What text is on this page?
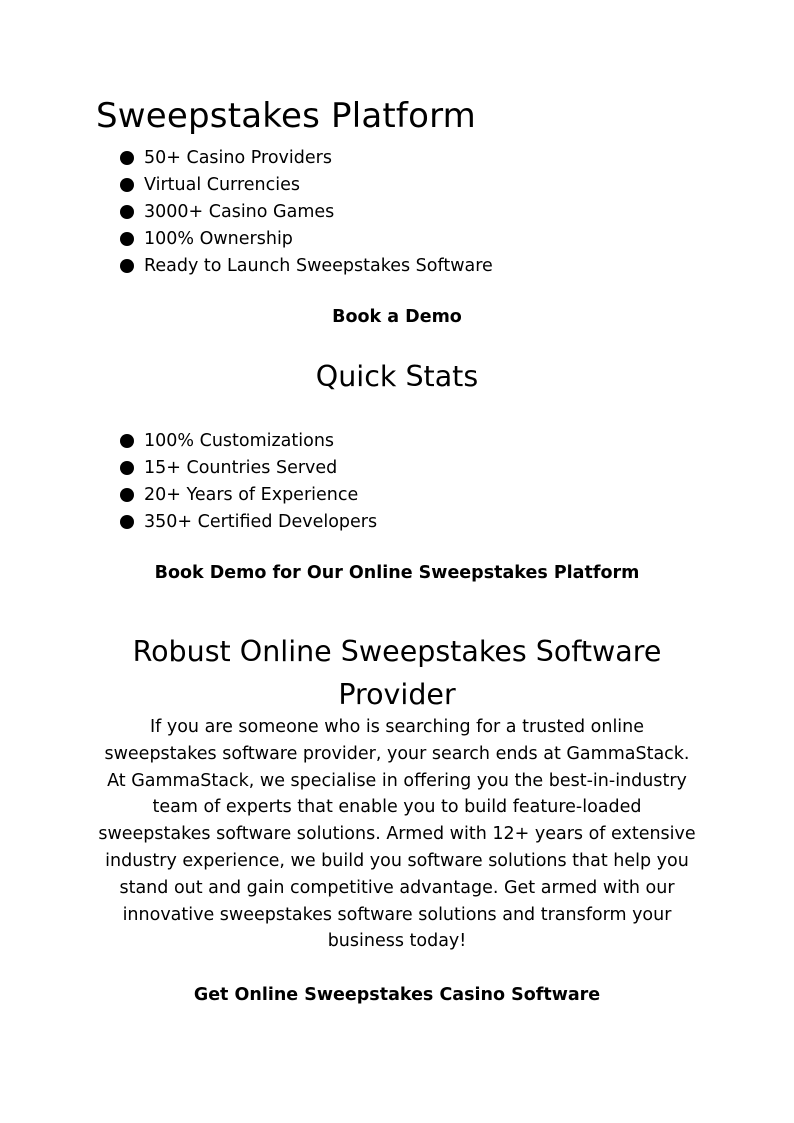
Sweepstakes Platform
50+ Casino Providers
Virtual Currencies
3000+ Casino Games
100% Ownership
Ready to Launch Sweepstakes Software
Book a Demo
Quick Stats
100% Customizations
15+ Countries Served
20+ Years of Experience
350+ Certified Developers
Book Demo for Our Online Sweepstakes Platform
Robust Online Sweepstakes Software
Provider

If you are someone who is searching for a trusted online
sweepstakes software provider, your search ends at GammaStack.
At GammaStack, we specialise in offering you the best-in-industry
team of experts that enable you to build feature-loaded
sweepstakes software solutions. Armed with 12+ years of extensive
industry experience, we build you software solutions that help you
stand out and gain competitive advantage. Get armed with our
innovative sweepstakes software solutions and transform your
business today!

Get Online Sweepstakes Casino Software
